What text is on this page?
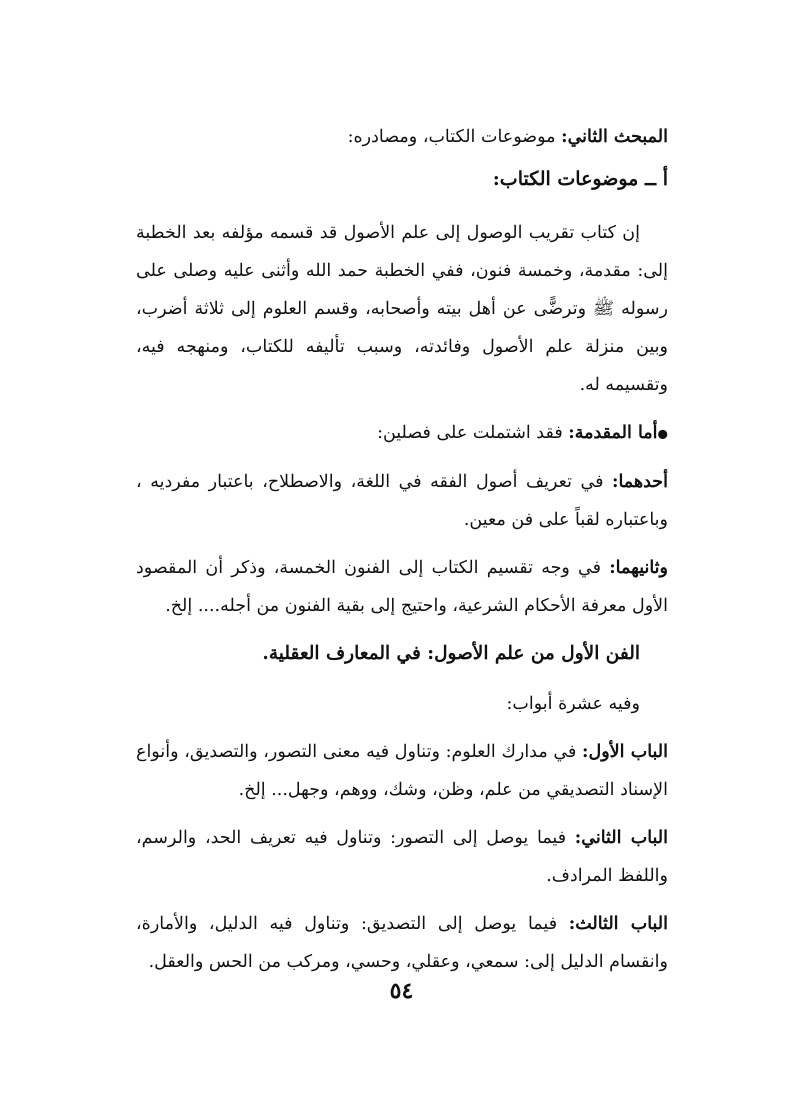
المبحث الثاني: موضوعات الكتاب، ومصادره:

أ ــ موضوعات الكتاب:

إن كتاب تقريب الوصول إلى علم الأصول قد قسمه مؤلفه بعد الخطبة إلى: مقدمة، وخمسة فنون، ففي الخطبة حمد الله وأثنى عليه وصلى على رسوله ﷺ وترضًّى عن أهل بيته وأصحابه، وقسم العلوم إلى ثلاثة أضرب، وبين منزلة علم الأصول وفائدته، وسبب تأليفه للكتاب، ومنهجه فيه، وتقسيمه له.

●أما المقدمة: فقد اشتملت على فصلين:

أحدهما: في تعريف أصول الفقه في اللغة، والاصطلاح، باعتبار مفرديه ، وباعتباره لقباً على فن معين.

وثانيهما: في وجه تقسيم الكتاب إلى الفنون الخمسة، وذكر أن المقصود الأول معرفة الأحكام الشرعية، واحتيج إلى بقية الفنون من أجله.... إلخ.

الفن الأول من علم الأصول: في المعارف العقلية.

وفيه عشرة أبواب:

الباب الأول: في مدارك العلوم: وتناول فيه معنى التصور، والتصديق، وأنواع الإسناد التصديقي من علم، وظن، وشك، ووهم، وجهل... إلخ.

الباب الثاني: فيما يوصل إلى التصور: وتناول فيه تعريف الحد، والرسم، واللفظ المرادف.

الباب الثالث: فيما يوصل إلى التصديق: وتناول فيه الدليل، والأمارة، وانقسام الدليل إلى: سمعي، وعقلي، وحسي، ومركب من الحس والعقل.

٥٤
